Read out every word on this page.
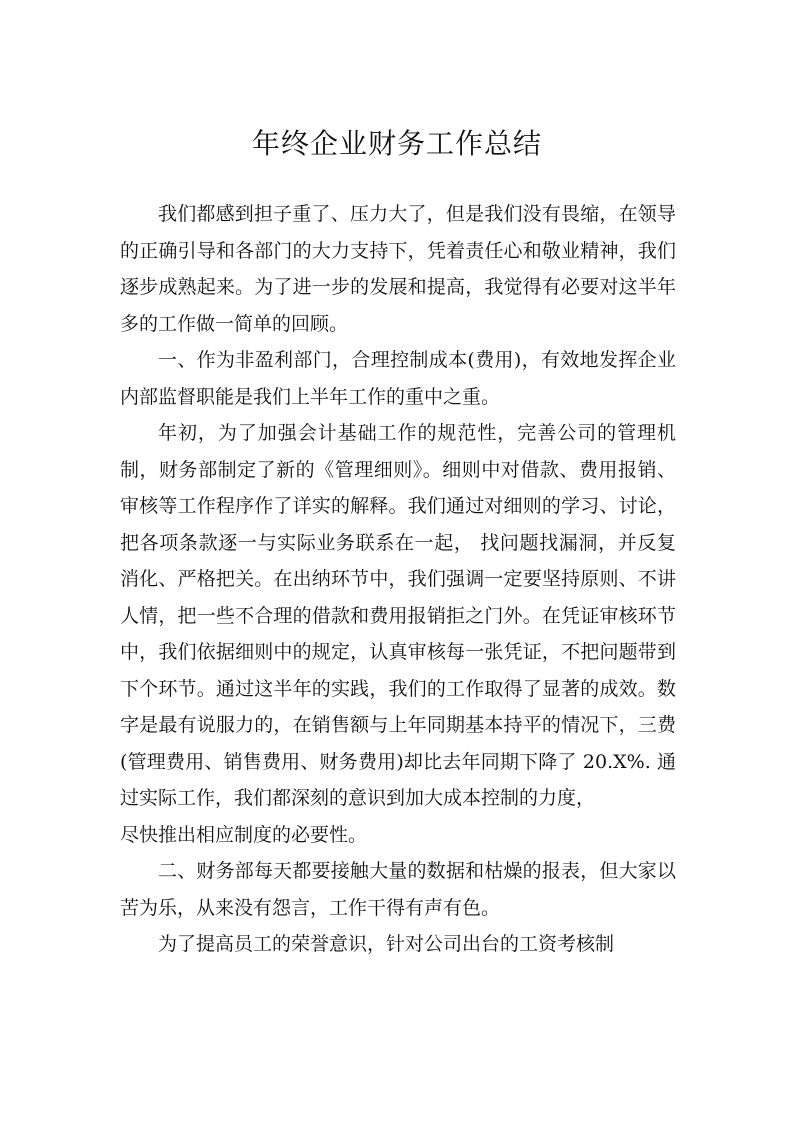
年终企业财务工作总结

我们都感到担子重了、压力大了，但是我们没有畏缩，在领导的正确引导和各部门的大力支持下，凭着责任心和敬业精神，我们逐步成熟起来。为了进一步的发展和提高，我觉得有必要对这半年多的工作做一简单的回顾。

一、作为非盈利部门，合理控制成本(费用)，有效地发挥企业内部监督职能是我们上半年工作的重中之重。

年初，为了加强会计基础工作的规范性，完善公司的管理机制，财务部制定了新的《管理细则》。细则中对借款、费用报销、审核等工作程序作了详实的解释。我们通过对细则的学习、讨论，把各项条款逐一与实际业务联系在一起， 找问题找漏洞，并反复消化、严格把关。在出纳环节中，我们强调一定要坚持原则、不讲人情，把一些不合理的借款和费用报销拒之门外。在凭证审核环节中，我们依据细则中的规定，认真审核每一张凭证，不把问题带到下个环节。通过这半年的实践，我们的工作取得了显著的成效。数字是最有说服力的，在销售额与上年同期基本持平的情况下，三费(管理费用、销售费用、财务费用)却比去年同期下降了 20.X%. 通过实际工作，我们都深刻的意识到加大成本控制的力度，

尽快推出相应制度的必要性。

二、财务部每天都要接触大量的数据和枯燥的报表，但大家以苦为乐，从来没有怨言，工作干得有声有色。

为了提高员工的荣誉意识，针对公司出台的工资考核制
